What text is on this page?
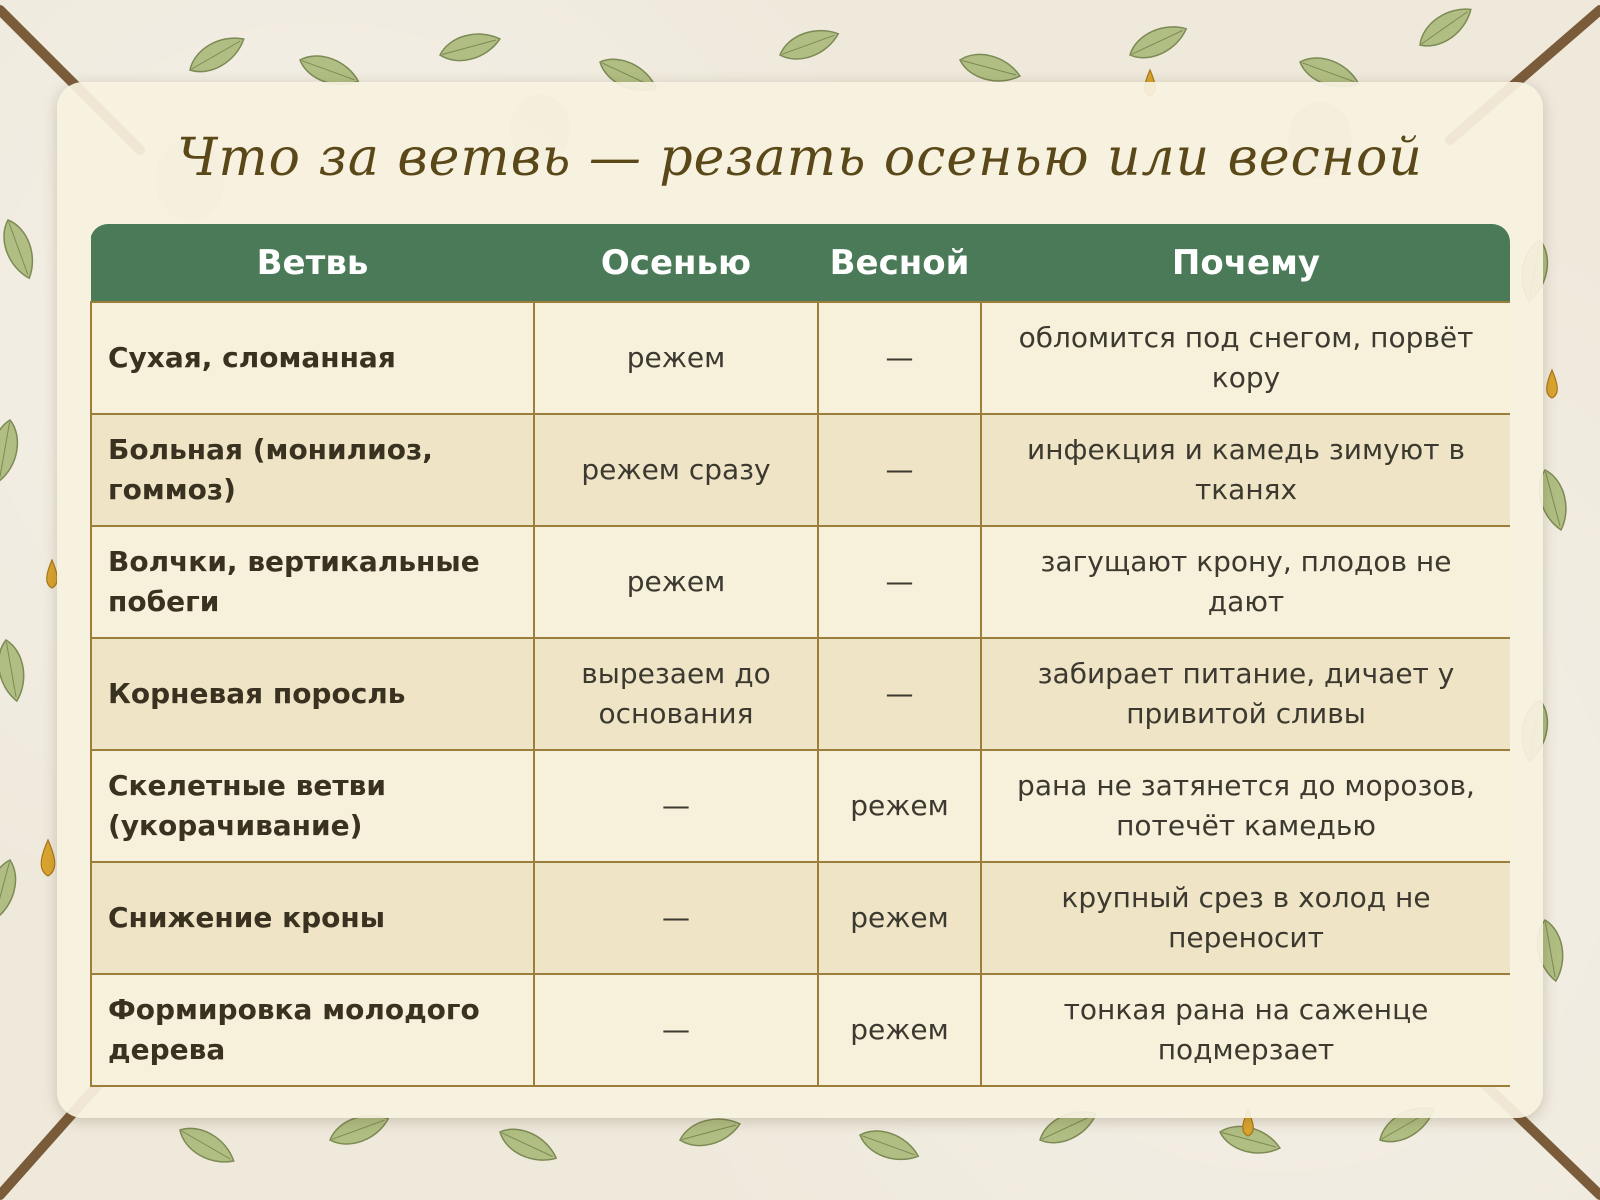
Что за ветвь — резать осенью или весной
Ветвь	Осенью	Весной	Почему
Сухая, сломанная	режем	—	обломится под снегом, порвёт кору
Больная (монилиоз, гоммоз)	режем сразу	—	инфекция и камедь зимуют в тканях
Волчки, вертикальные побеги	режем	—	загущают крону, плодов не дают
Корневая поросль	вырезаем до основания	—	забирает питание, дичает у привитой сливы
Скелетные ветви (укорачивание)	—	режем	рана не затянется до морозов, потечёт камедью
Снижение кроны	—	режем	крупный срез в холод не переносит
Формировка молодого дерева	—	режем	тонкая рана на саженце подмерзает
